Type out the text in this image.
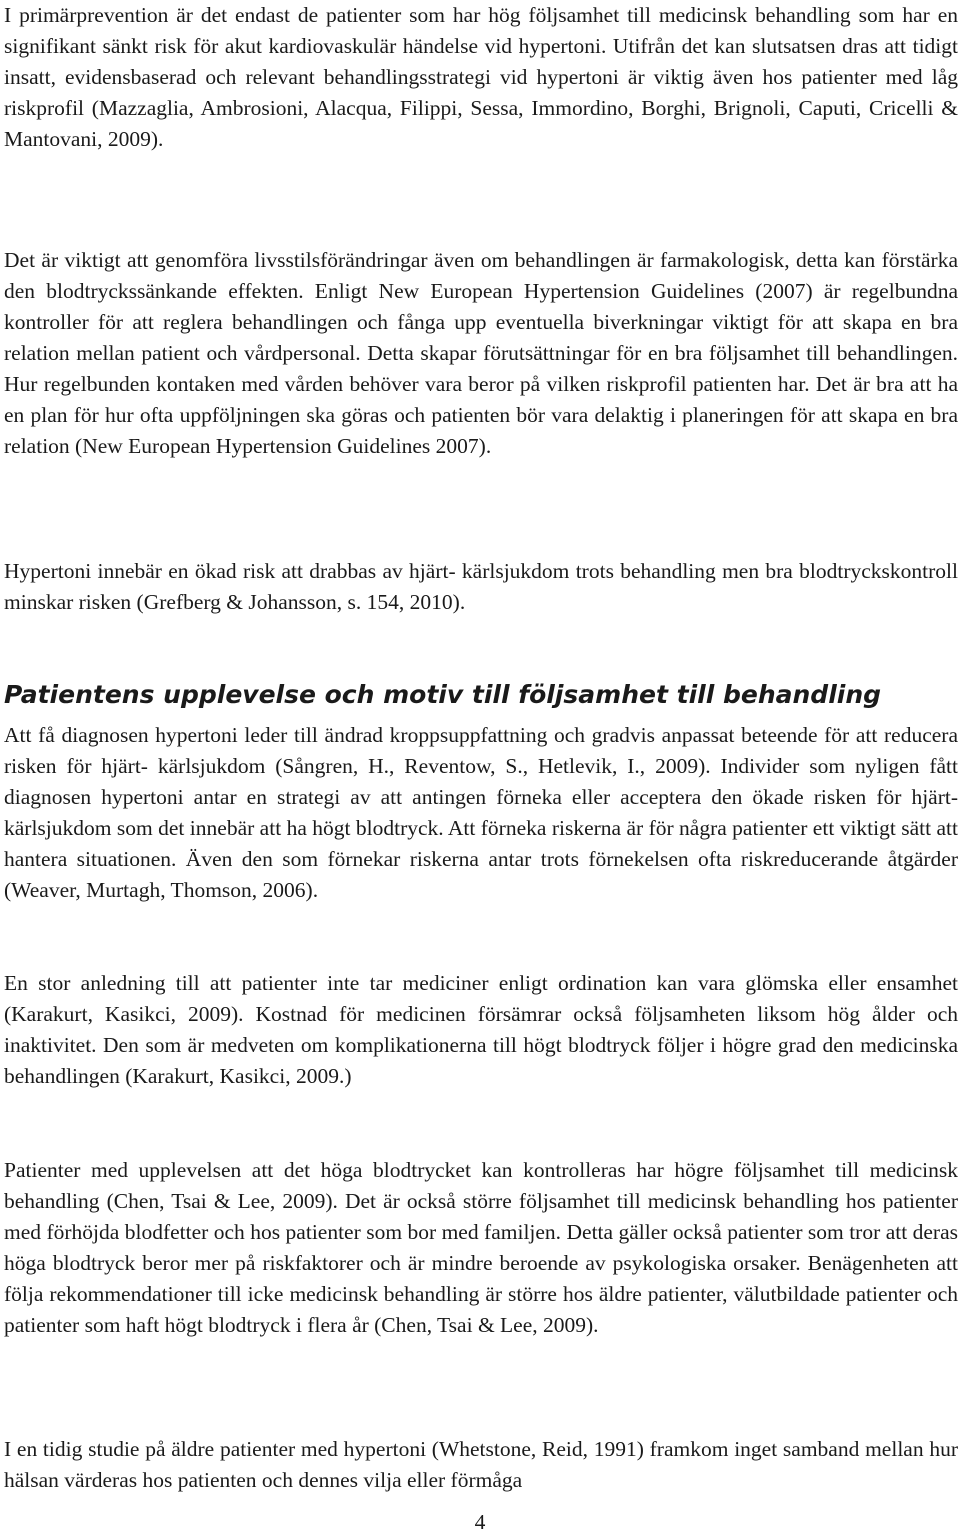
I primärprevention är det endast de patienter som har hög följsamhet till medicinsk behandling som har en signifikant sänkt risk för akut kardiovaskulär händelse vid hypertoni. Utifrån det kan slutsatsen dras att tidigt insatt, evidensbaserad och relevant behandlingsstrategi vid hypertoni är viktig även hos patienter med låg riskprofil (Mazzaglia, Ambrosioni, Alacqua, Filippi, Sessa, Immordino, Borghi, Brignoli, Caputi, Cricelli & Mantovani, 2009).

Det är viktigt att genomföra livsstilsförändringar även om behandlingen är farmakologisk, detta kan förstärka den blodtryckssänkande effekten. Enligt New European Hypertension Guidelines (2007) är regelbundna kontroller för att reglera behandlingen och fånga upp eventuella biverkningar viktigt för att skapa en bra relation mellan patient och vårdpersonal. Detta skapar förutsättningar för en bra följsamhet till behandlingen. Hur regelbunden kontaken med vården behöver vara beror på vilken riskprofil patienten har. Det är bra att ha en plan för hur ofta uppföljningen ska göras och patienten bör vara delaktig i planeringen för att skapa en bra relation (New European Hypertension Guidelines 2007).

Hypertoni innebär en ökad risk att drabbas av hjärt- kärlsjukdom trots behandling men bra blodtryckskontroll minskar risken (Grefberg & Johansson, s. 154, 2010).

Patientens upplevelse och motiv till följsamhet till behandling

Att få diagnosen hypertoni leder till ändrad kroppsuppfattning och gradvis anpassat beteende för att reducera risken för hjärt- kärlsjukdom (Sångren, H., Reventow, S., Hetlevik, I., 2009). Individer som nyligen fått diagnosen hypertoni antar en strategi av att antingen förneka eller acceptera den ökade risken för hjärt- kärlsjukdom som det innebär att ha högt blodtryck. Att förneka riskerna är för några patienter ett viktigt sätt att hantera situationen. Även den som förnekar riskerna antar trots förnekelsen ofta riskreducerande åtgärder (Weaver, Murtagh, Thomson, 2006).

En stor anledning till att patienter inte tar mediciner enligt ordination kan vara glömska eller ensamhet (Karakurt, Kasikci, 2009). Kostnad för medicinen försämrar också följsamheten liksom hög ålder och inaktivitet. Den som är medveten om komplikationerna till högt blodtryck följer i högre grad den medicinska behandlingen (Karakurt, Kasikci, 2009.)

Patienter med upplevelsen att det höga blodtrycket kan kontrolleras har högre följsamhet till medicinsk behandling (Chen, Tsai & Lee, 2009). Det är också större följsamhet till medicinsk behandling hos patienter med förhöjda blodfetter och hos patienter som bor med familjen. Detta gäller också patienter som tror att deras höga blodtryck beror mer på riskfaktorer och är mindre beroende av psykologiska orsaker. Benägenheten att följa rekommendationer till icke medicinsk behandling är större hos äldre patienter, välutbildade patienter och patienter som haft högt blodtryck i flera år (Chen, Tsai & Lee, 2009).

I en tidig studie på äldre patienter med hypertoni (Whetstone, Reid, 1991) framkom inget samband mellan hur hälsan värderas hos patienten och dennes vilja eller förmåga

4
